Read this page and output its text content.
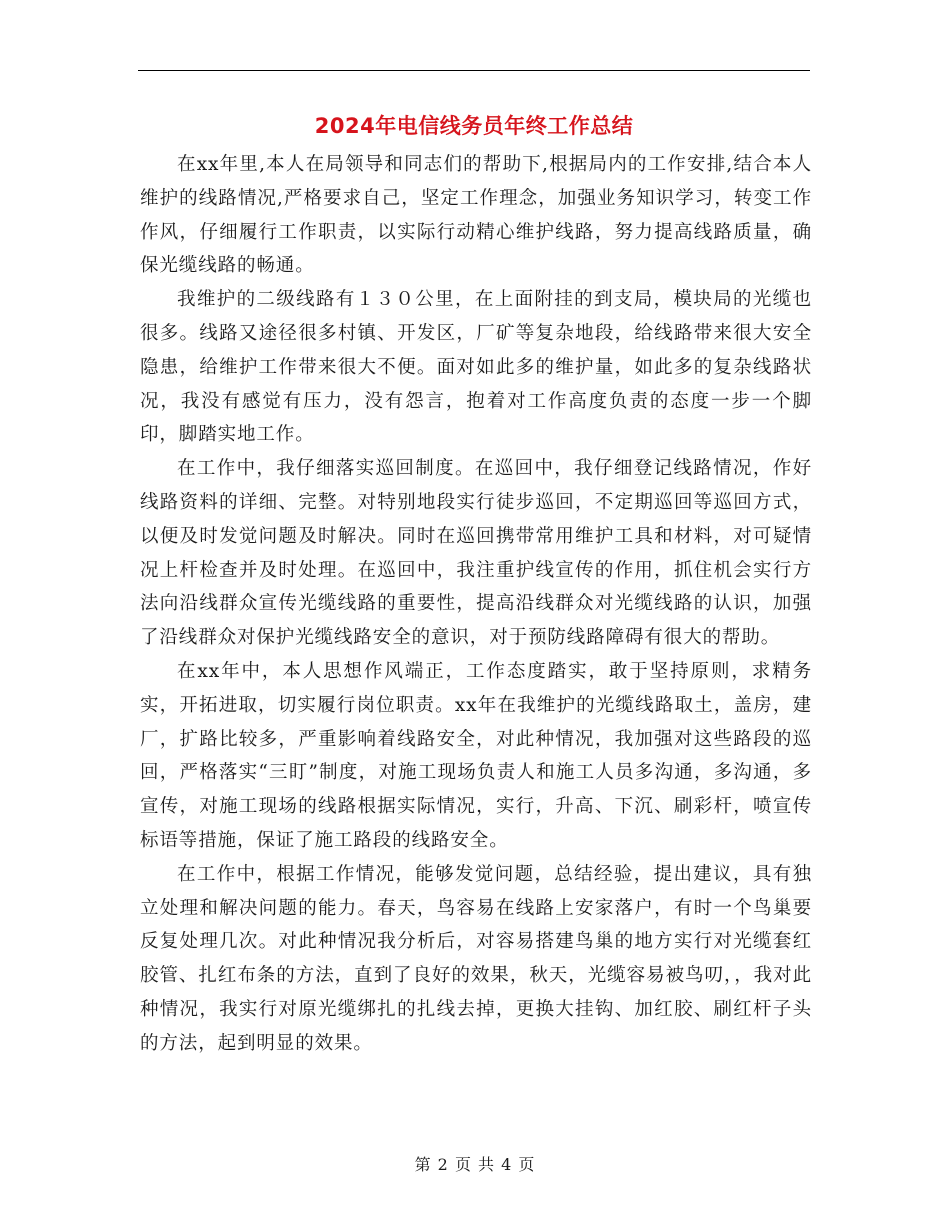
2024年电信线务员年终工作总结

在xx年里,本人在局领导和同志们的帮助下,根据局内的工作安排,结合本人维护的线路情况,严格要求自己，坚定工作理念，加强业务知识学习，转变工作作风，仔细履行工作职责，以实际行动精心维护线路，努力提高线路质量，确保光缆线路的畅通。

我维护的二级线路有１３０公里，在上面附挂的到支局，模块局的光缆也很多。线路又途径很多村镇、开发区，厂矿等复杂地段，给线路带来很大安全隐患，给维护工作带来很大不便。面对如此多的维护量，如此多的复杂线路状况，我没有感觉有压力，没有怨言，抱着对工作高度负责的态度一步一个脚印，脚踏实地工作。

在工作中，我仔细落实巡回制度。在巡回中，我仔细登记线路情况，作好线路资料的详细、完整。对特别地段实行徒步巡回，不定期巡回等巡回方式，以便及时发觉问题及时解决。同时在巡回携带常用维护工具和材料，对可疑情况上杆检查并及时处理。在巡回中，我注重护线宣传的作用，抓住机会实行方法向沿线群众宣传光缆线路的重要性，提高沿线群众对光缆线路的认识，加强了沿线群众对保护光缆线路安全的意识，对于预防线路障碍有很大的帮助。

在xx年中，本人思想作风端正，工作态度踏实，敢于坚持原则，求精务实，开拓进取，切实履行岗位职责。xx年在我维护的光缆线路取土，盖房，建厂，扩路比较多，严重影响着线路安全，对此种情况，我加强对这些路段的巡回，严格落实“三盯”制度，对施工现场负责人和施工人员多沟通，多沟通，多宣传，对施工现场的线路根据实际情况，实行，升高、下沉、刷彩杆，喷宣传标语等措施，保证了施工路段的线路安全。

在工作中，根据工作情况，能够发觉问题，总结经验，提出建议，具有独立处理和解决问题的能力。春天，鸟容易在线路上安家落户，有时一个鸟巢要反复处理几次。对此种情况我分析后，对容易搭建鸟巢的地方实行对光缆套红胶管、扎红布条的方法，直到了良好的效果，秋天，光缆容易被鸟叨，，我对此种情况，我实行对原光缆绑扎的扎线去掉，更换大挂钩、加红胶、刷红杆子头的方法，起到明显的效果。

第 2 页 共 4 页
